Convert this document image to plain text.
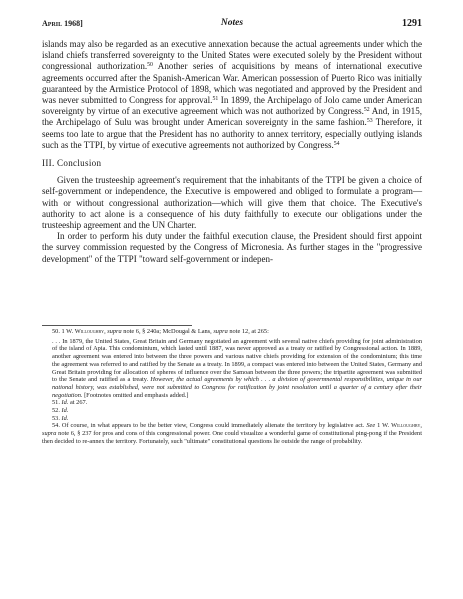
April 1968]	Notes	1291

islands may also be regarded as an executive annexation because the actual agreements under which the island chiefs transferred sovereignty to the United States were executed solely by the President without congressional authorization.$^{50}$ Another series of acquisitions by means of international executive agreements occurred after the Spanish-American War. American possession of Puerto Rico was initially guaranteed by the Armistice Protocol of 1898, which was negotiated and approved by the President and was never submitted to Congress for approval.$^{51}$ In 1899, the Archipelago of Jolo came under American sovereignty by virtue of an executive agreement which was not authorized by Congress.$^{52}$ And, in 1915, the Archipelago of Sulu was brought under American sovereignty in the same fashion.$^{53}$ Therefore, it seems too late to argue that the President has no authority to annex territory, especially outlying islands such as the TTPI, by virtue of executive agreements not authorized by Congress.$^{54}$

III. Conclusion

Given the trusteeship agreement's requirement that the inhabitants of the TTPI be given a choice of self-government or independence, the Executive is empowered and obliged to formulate a program—with or without congressional authorization—which will give them that choice. The Executive's authority to act alone is a consequence of his duty faithfully to execute our obligations under the trusteeship agreement and the UN Charter.

In order to perform his duty under the faithful execution clause, the President should first appoint the survey commission requested by the Congress of Micronesia. As further stages in the "progressive development" of the TTPI "toward self-government or indepen-

50. 1 W. Willoughby, supra note 6, § 240a; McDougal & Lans, supra note 12, at 265:

. . . In 1879, the United States, Great Britain and Germany negotiated an agreement with several native chiefs providing for joint administration of the island of Apia. This condominium, which lasted until 1887, was never approved as a treaty or ratified by Congressional action. In 1889, another agreement was entered into between the three powers and various native chiefs providing for extension of the condominium; this time the agreement was referred to and ratified by the Senate as a treaty. In 1899, a compact was entered into between the United States, Germany and Great Britain providing for allocation of spheres of influence over the Samoan between the three powers; the tripartite agreement was submitted to the Senate and ratified as a treaty. However, the actual agreements by which . . . a division of governmental responsibilities, unique in our national history, was established, were not submitted to Congress for ratification by joint resolution until a quarter of a century after their negotiation. [Footnotes omitted and emphasis added.]

51. Id. at 267.

52. Id.

53. Id.

54. Of course, in what appears to be the better view, Congress could immediately alienate the territory by legislative act. See 1 W. Willoughby, supra note 6, § 237 for pros and cons of this congressional power. One could visualize a wonderful game of constitutional ping-pong if the President then decided to re-annex the territory. Fortunately, such "ultimate" constitutional questions lie outside the range of probability.
